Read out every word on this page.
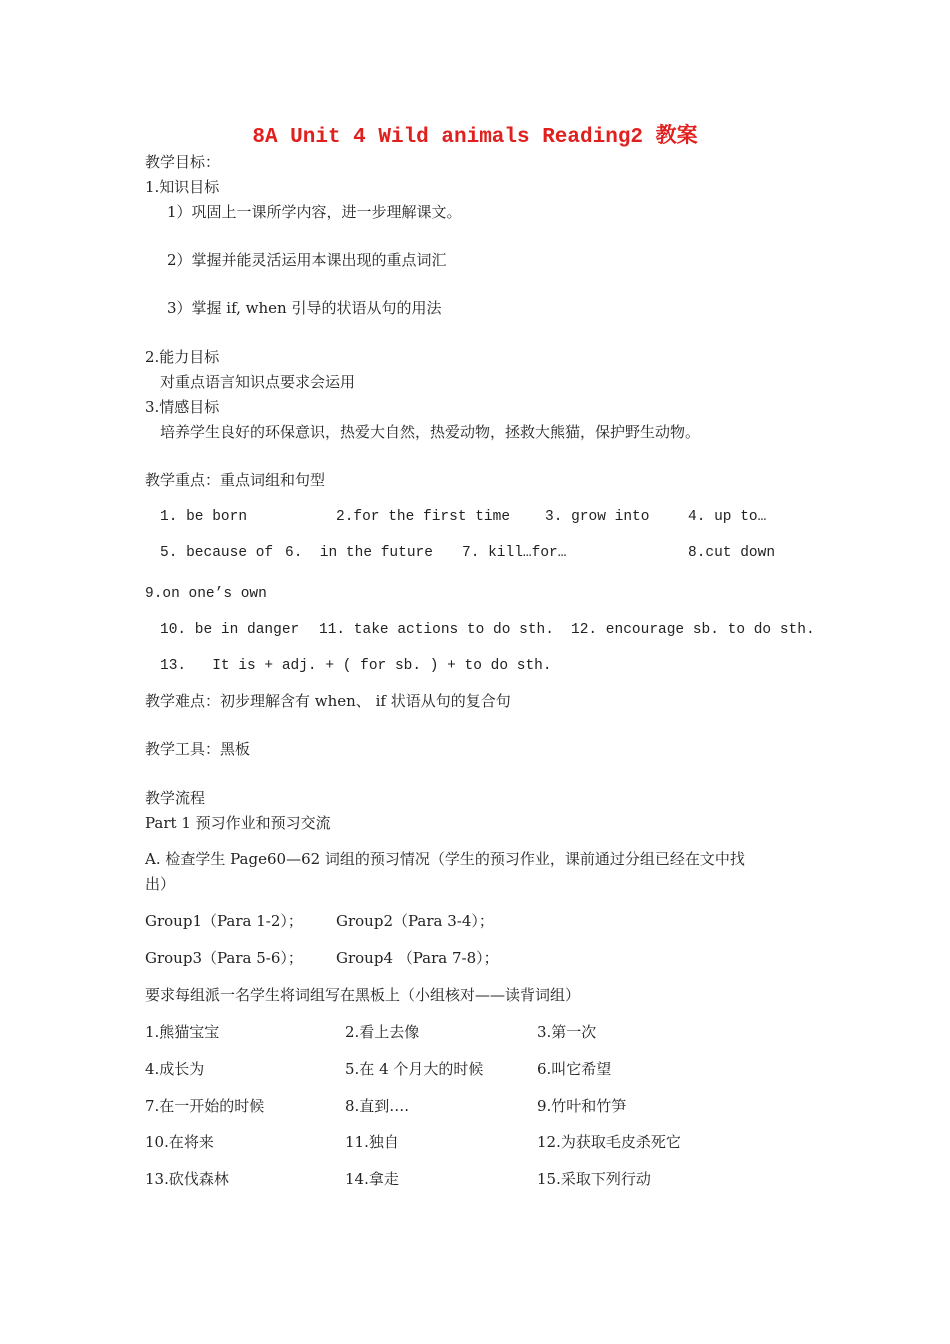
8A Unit 4 Wild animals Reading2 教案
教学目标：
1.知识目标
1）巩固上一课所学内容，进一步理解课文。
2）掌握并能灵活运用本课出现的重点词汇
3）掌握 if, when 引导的状语从句的用法
2.能力目标
对重点语言知识点要求会运用
3.情感目标
培养学生良好的环保意识，热爱大自然，热爱动物，拯救大熊猫，保护野生动物。
教学重点：重点词组和句型
1. be born	2.for the first time 3. grow into	4. up to…
5. because of 6.  in the future 7. kill…for…	8.cut down
9.on one’s own
10. be in danger 11. take actions to do sth. 12. encourage sb. to do sth.
13.   It is + adj. + ( for sb. ) + to do sth.
教学难点：初步理解含有 when、 if 状语从句的复合句
教学工具：黑板
教学流程
Part 1 预习作业和预习交流
A. 检查学生 Page60—62 词组的预习情况（学生的预习作业，课前通过分组已经在文中找
出）
Group1（Para 1-2）； Group2（Para 3-4）；
Group3（Para 5-6）； Group4 （Para 7-8）；
要求每组派一名学生将词组写在黑板上（小组核对——读背词组）
1.熊猫宝宝	2.看上去像	3.第一次
4.成长为	5.在 4 个月大的时候	6.叫它希望
7.在一开始的时候	8.直到….	9.竹叶和竹笋
10.在将来	11.独自	12.为获取毛皮杀死它
13.砍伐森林	14.拿走	15.采取下列行动
